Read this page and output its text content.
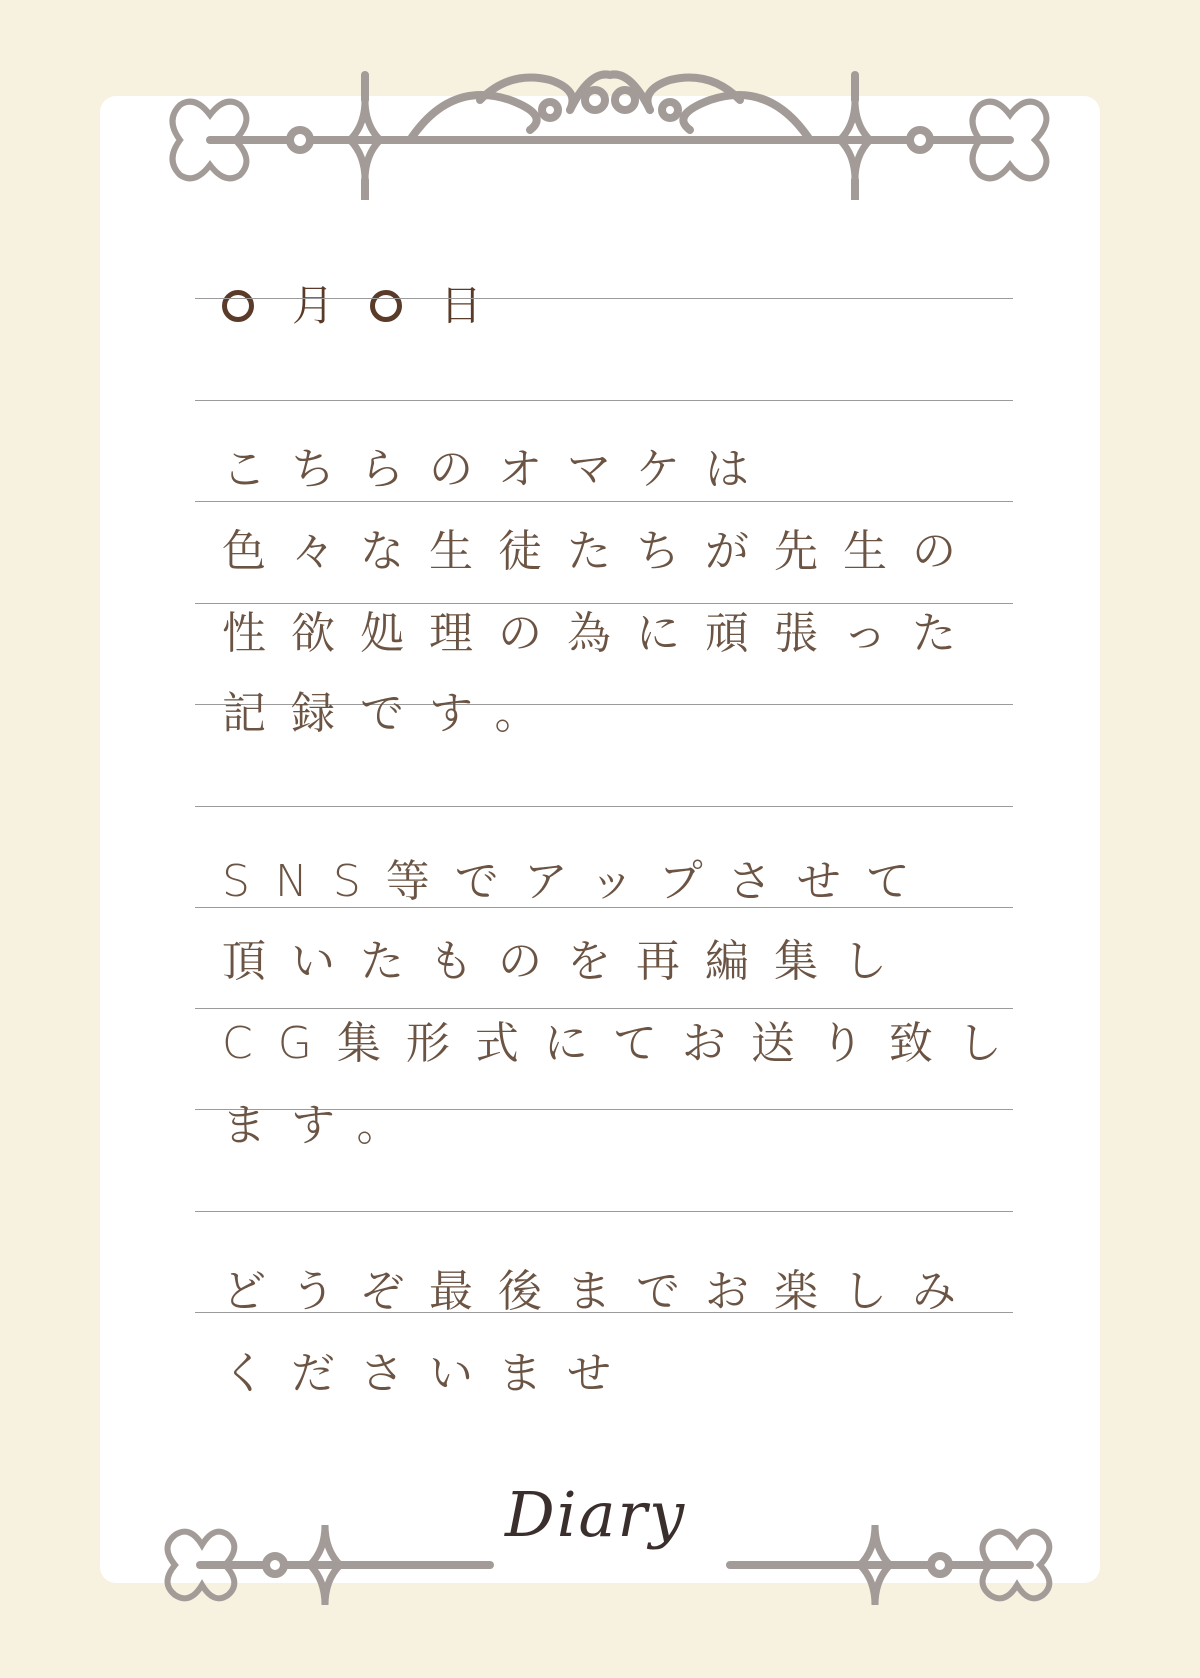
月	日
こちらのオマケは
色々な生徒たちが先生の
性欲処理の為に頑張った
記録です。
SNS等でアップさせて
頂いたものを再編集し
CG集形式にてお送り致し
ます。
どうぞ最後までお楽しみ
くださいませ
Diary
